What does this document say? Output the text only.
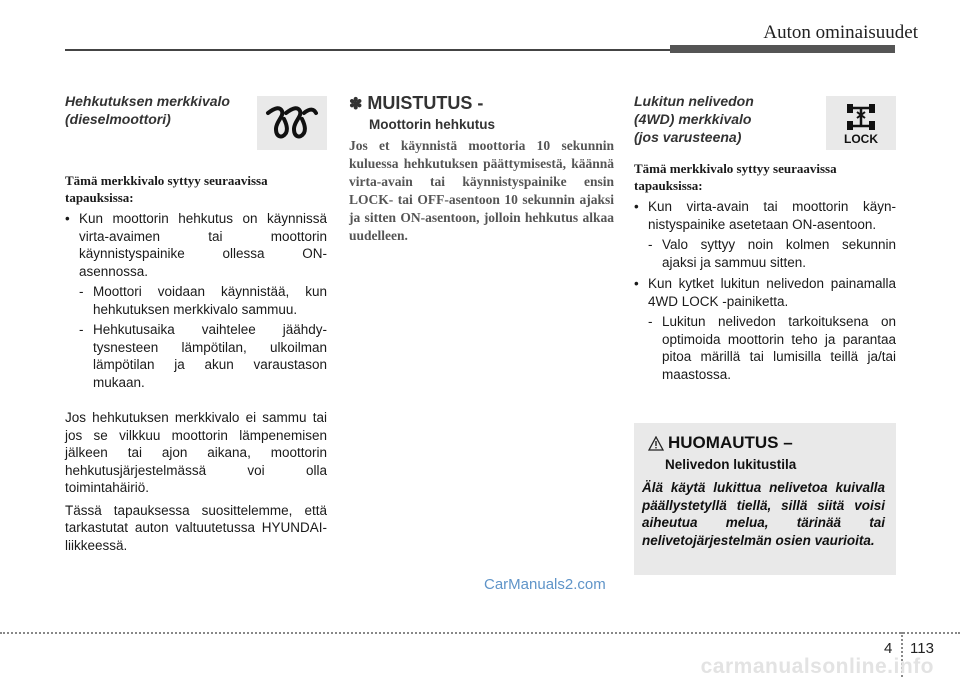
Auton ominaisuudet
Hehkutuksen merkkivalo
(dieselmoottori)
Tämä merkkivalo syttyy seuraavissa tapauksissa:
• Kun moottorin hehkutus on käynnissä virta-avaimen tai moottorin käynnistyspainike ollessa ON-asennossa.
- Moottori voidaan käynnistää, kun hehkutuksen merkkivalo sammuu.
- Hehkutusaika vaihtelee jäähdytysnesteen lämpötilan, ulkoilman lämpötilan ja akun varaustason mukaan.
Jos hehkutuksen merkkivalo ei sammu tai jos se vilkkuu moottorin lämpenemisen jälkeen tai ajon aikana, moottorin hehkutusjärjestelmässä voi olla toimintahäiriö.
Tässä tapauksessa suosittelemme, että tarkastutat auton valtuutetussa HYUNDAI-liikkeessä.
✽ MUISTUTUS -
Moottorin hehkutus
Jos et käynnistä moottoria 10 sekunnin kuluessa hehkutuksen päättymisestä, käännä virta-avain tai käynnistyspainike ensin LOCK- tai OFF-asentoon 10 sekunnin ajaksi ja sitten ON-asentoon, jolloin hehkutus alkaa uudelleen.
LOCK
Lukitun nelivedon
(4WD) merkkivalo
(jos varusteena)
Tämä merkkivalo syttyy seuraavissa tapauksissa:
• Kun virta-avain tai moottorin käynnistyspainike asetetaan ON-asentoon.
- Valo syttyy noin kolmen sekunnin ajaksi ja sammuu sitten.
• Kun kytket lukitun nelivedon painamalla 4WD LOCK -painiketta.
- Lukitun nelivedon tarkoituksena on optimoida moottorin teho ja parantaa pitoa märillä tai lumisilla teillä ja/tai maastossa.
HUOMAUTUS –
Nelivedon lukitustila
Älä käytä lukittua nelivetoa kuivalla päällystetyllä tiellä, sillä siitä voisi aiheutua melua, tärinää tai nelivetojärjestelmän osien vaurioita.
CarManuals2.com
4 113
carmanualsonline.info
